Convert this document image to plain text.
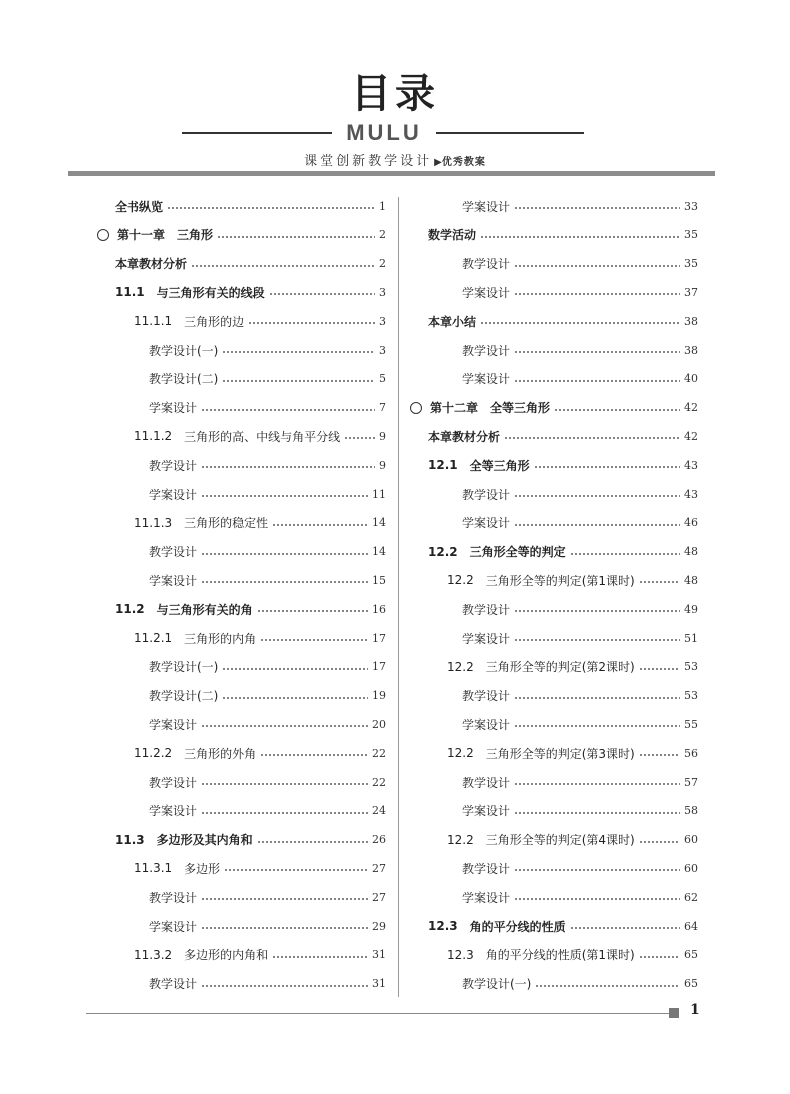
目录
MULU
课堂创新教学设计 ▶优秀教案
全书纵览	1
第十一章 三角形	2
本章教材分析	2
11.1 与三角形有关的线段	3
11.1.1 三角形的边	3
教学设计(一)	3
教学设计(二)	5
学案设计	7
11.1.2 三角形的高、中线与角平分线	9
教学设计	9
学案设计	11
11.1.3 三角形的稳定性	14
教学设计	14
学案设计	15
11.2 与三角形有关的角	16
11.2.1 三角形的内角	17
教学设计(一)	17
教学设计(二)	19
学案设计	20
11.2.2 三角形的外角	22
教学设计	22
学案设计	24
11.3 多边形及其内角和	26
11.3.1 多边形	27
教学设计	27
学案设计	29
11.3.2 多边形的内角和	31
教学设计	31
学案设计	33
数学活动	35
教学设计	35
学案设计	37
本章小结	38
教学设计	38
学案设计	40
第十二章 全等三角形	42
本章教材分析	42
12.1 全等三角形	43
教学设计	43
学案设计	46
12.2 三角形全等的判定	48
12.2 三角形全等的判定(第1课时)	48
教学设计	49
学案设计	51
12.2 三角形全等的判定(第2课时)	53
教学设计	53
学案设计	55
12.2 三角形全等的判定(第3课时)	56
教学设计	57
学案设计	58
12.2 三角形全等的判定(第4课时)	60
教学设计	60
学案设计	62
12.3 角的平分线的性质	64
12.3 角的平分线的性质(第1课时)	65
教学设计(一)	65
1
